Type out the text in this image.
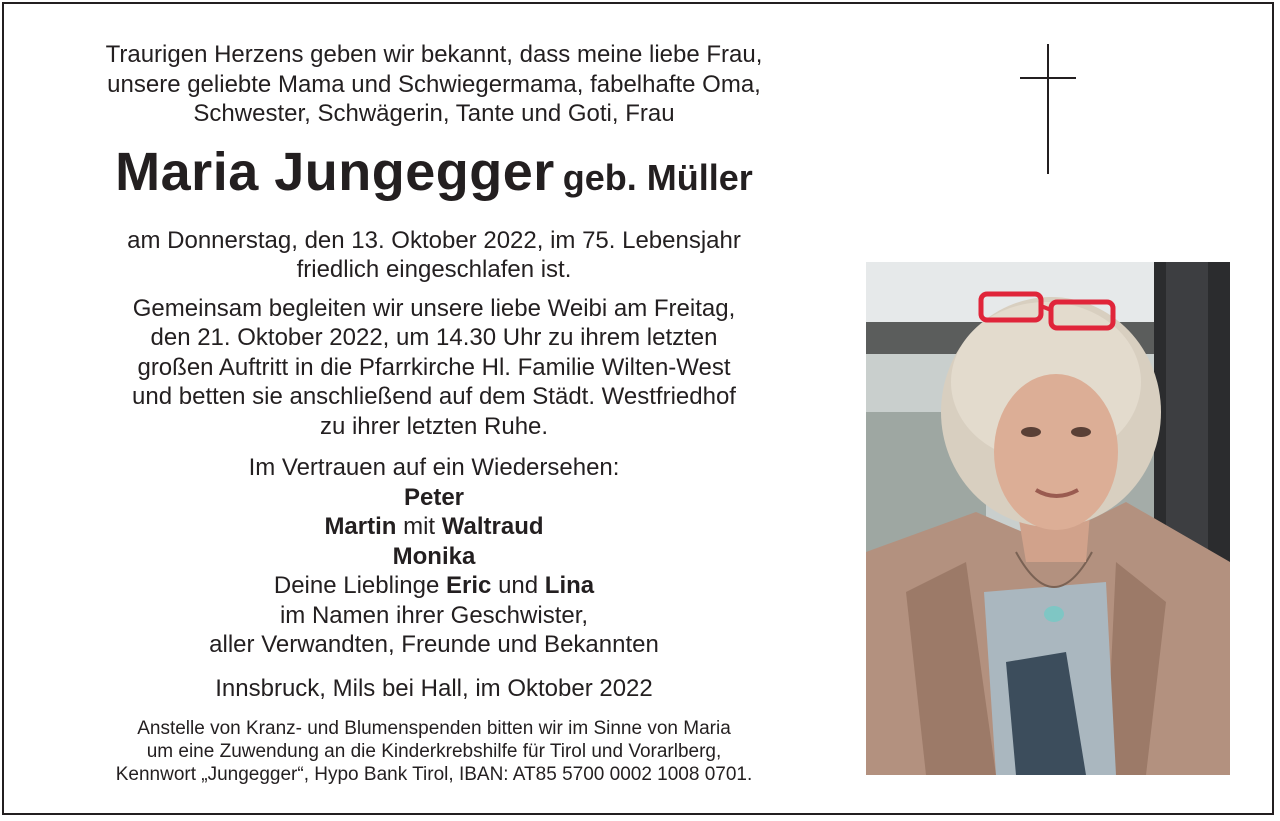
Traurigen Herzens geben wir bekannt, dass meine liebe Frau,
unsere geliebte Mama und Schwiegermama, fabelhafte Oma,
Schwester, Schwägerin, Tante und Goti, Frau

Maria Jungegger geb. Müller

am Donnerstag, den 13. Oktober 2022, im 75. Lebensjahr
friedlich eingeschlafen ist.

Gemeinsam begleiten wir unsere liebe Weibi am Freitag,
den 21. Oktober 2022, um 14.30 Uhr zu ihrem letzten
großen Auftritt in die Pfarrkirche Hl. Familie Wilten-West
und betten sie anschließend auf dem Städt. Westfriedhof
zu ihrer letzten Ruhe.

Im Vertrauen auf ein Wiedersehen:
Peter
Martin mit Waltraud
Monika
Deine Lieblinge Eric und Lina
im Namen ihrer Geschwister,
aller Verwandten, Freunde und Bekannten

Innsbruck, Mils bei Hall, im Oktober 2022

Anstelle von Kranz- und Blumenspenden bitten wir im Sinne von Maria
um eine Zuwendung an die Kinderkrebshilfe für Tirol und Vorarlberg,
Kennwort „Jungegger“, Hypo Bank Tirol, IBAN: AT85 5700 0002 1008 0701.
